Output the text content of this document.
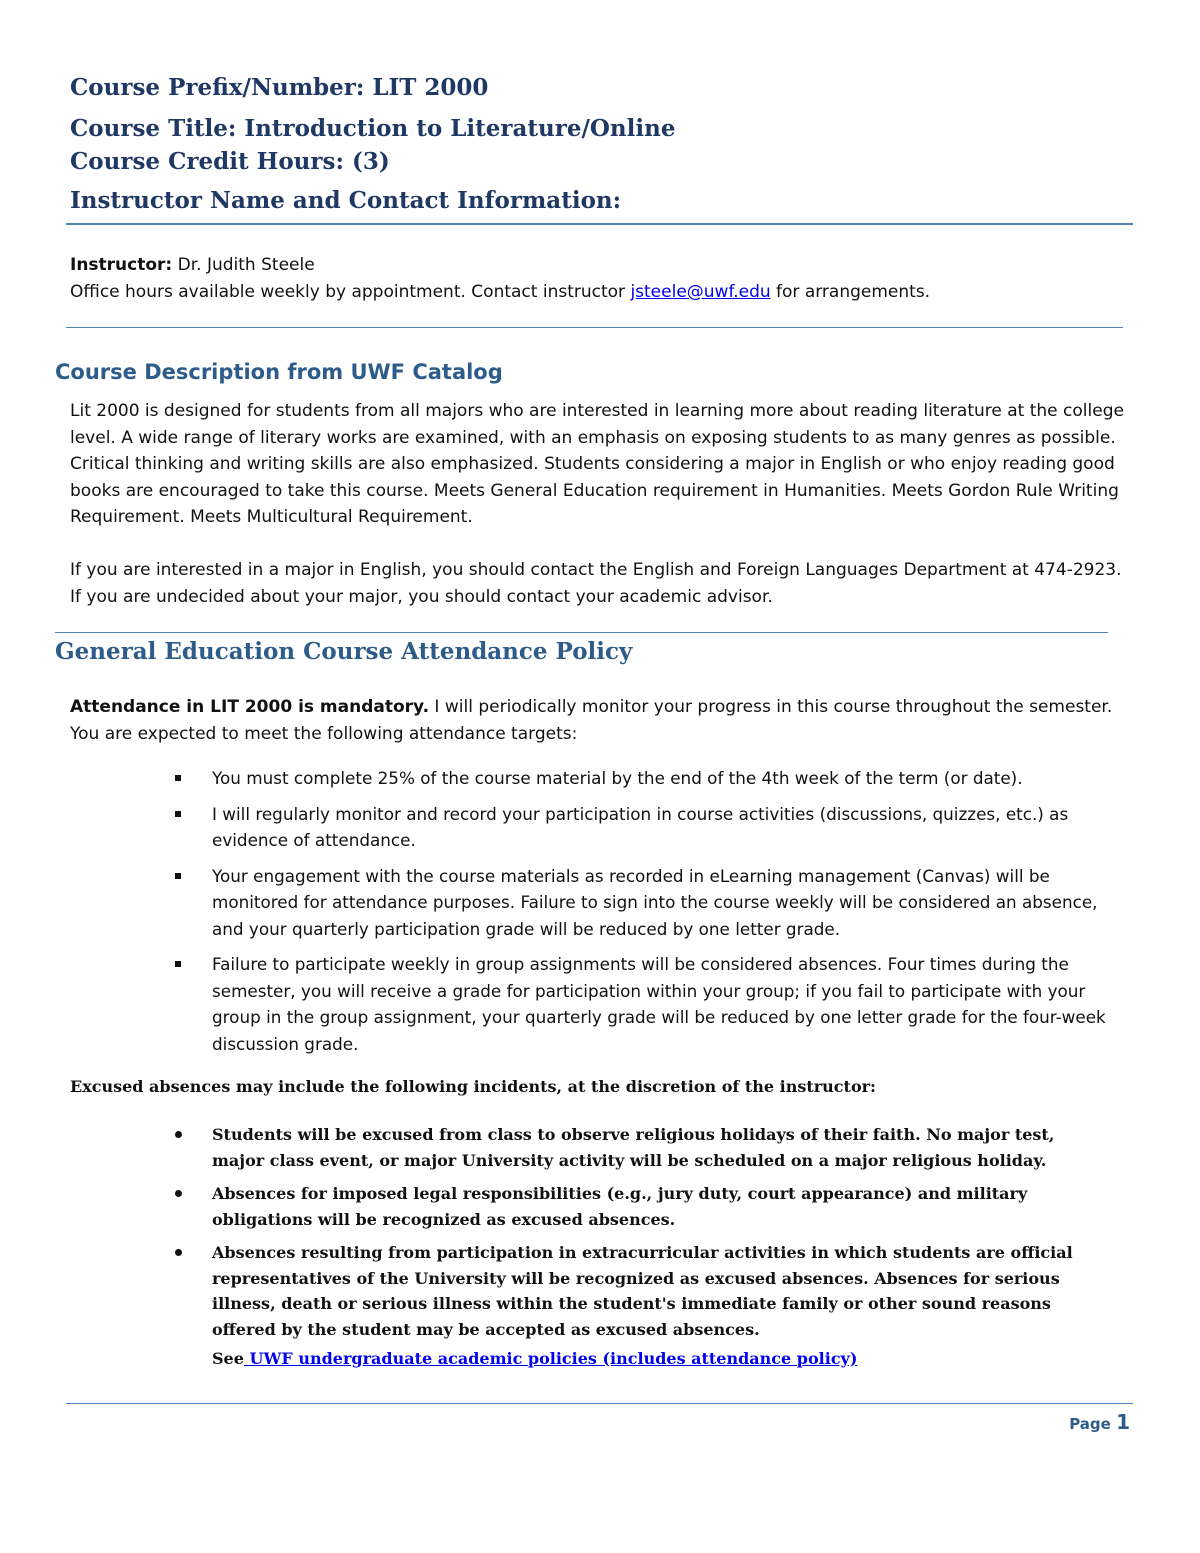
Course Prefix/Number: LIT 2000
Course Title: Introduction to Literature/Online
Course Credit Hours: (3)
Instructor Name and Contact Information:

Instructor: Dr. Judith Steele

Office hours available weekly by appointment. Contact instructor jsteele@uwf.edu for arrangements.

Course Description from UWF Catalog

Lit 2000 is designed for students from all majors who are interested in learning more about reading literature at the college level. A wide range of literary works are examined, with an emphasis on exposing students to as many genres as possible. Critical thinking and writing skills are also emphasized. Students considering a major in English or who enjoy reading good books are encouraged to take this course. Meets General Education requirement in Humanities. Meets Gordon Rule Writing Requirement. Meets Multicultural Requirement.

If you are interested in a major in English, you should contact the English and Foreign Languages Department at 474-2923. If you are undecided about your major, you should contact your academic advisor.

General Education Course Attendance Policy

Attendance in LIT 2000 is mandatory. I will periodically monitor your progress in this course throughout the semester. You are expected to meet the following attendance targets:

You must complete 25% of the course material by the end of the 4th week of the term (or date).
I will regularly monitor and record your participation in course activities (discussions, quizzes, etc.) as evidence of attendance.
Your engagement with the course materials as recorded in eLearning management (Canvas) will be monitored for attendance purposes. Failure to sign into the course weekly will be considered an absence, and your quarterly participation grade will be reduced by one letter grade.
Failure to participate weekly in group assignments will be considered absences. Four times during the semester, you will receive a grade for participation within your group; if you fail to participate with your group in the group assignment, your quarterly grade will be reduced by one letter grade for the four-week discussion grade.

Excused absences may include the following incidents, at the discretion of the instructor:

Students will be excused from class to observe religious holidays of their faith. No major test, major class event, or major University activity will be scheduled on a major religious holiday.
Absences for imposed legal responsibilities (e.g., jury duty, court appearance) and military obligations will be recognized as excused absences.
Absences resulting from participation in extracurricular activities in which students are official representatives of the University will be recognized as excused absences. Absences for serious illness, death or serious illness within the student's immediate family or other sound reasons offered by the student may be accepted as excused absences.
See UWF undergraduate academic policies (includes attendance policy)
Page 1
